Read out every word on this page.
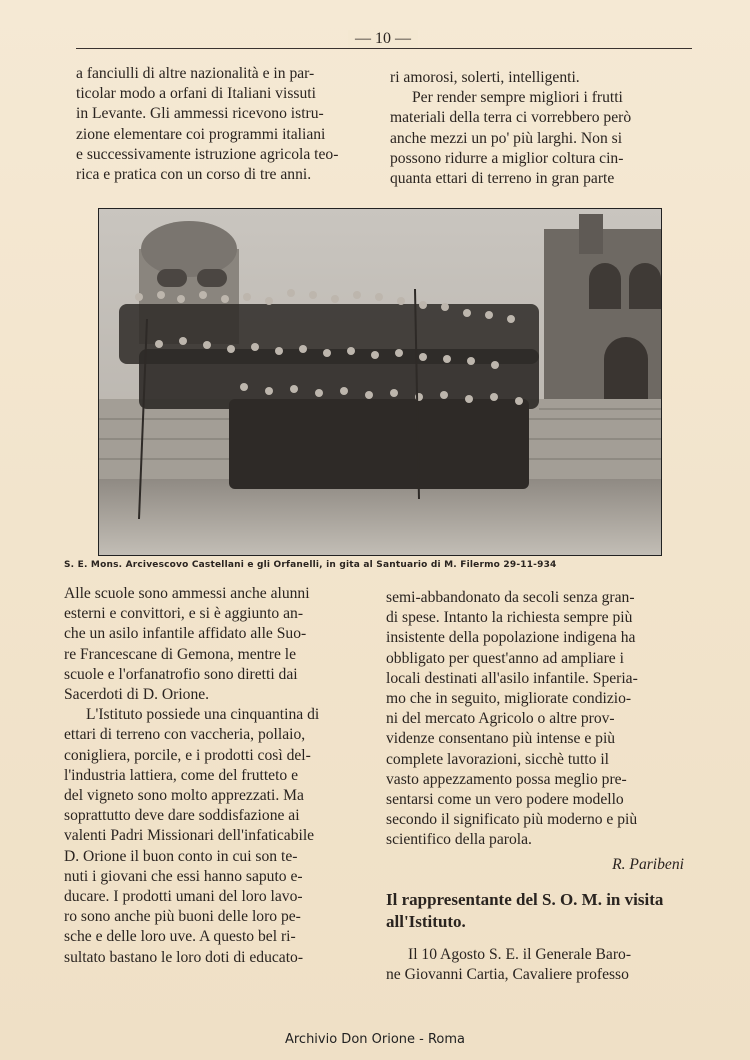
— 10 —

a fanciulli di altre nazionalità e in par-
ticolar modo a orfani di Italiani vissuti
in Levante. Gli ammessi ricevono istru-
zione elementare coi programmi italiani
e successivamente istruzione agricola teo-
rica e pratica con un corso di tre anni.

ri amorosi, solerti, intelligenti.

Per render sempre migliori i frutti
materiali della terra ci vorrebbero però
anche mezzi un po' più larghi. Non si
possono ridurre a miglior coltura cin-
quanta ettari di terreno in gran parte

S. E. Mons. Arcivescovo Castellani e gli Orfanelli, in gita al Santuario di M. Filermo 29-11-934

Alle scuole sono ammessi anche alunni
esterni e convittori, e si è aggiunto an-
che un asilo infantile affidato alle Suo-
re Francescane di Gemona, mentre le
scuole e l'orfanatrofio sono diretti dai
Sacerdoti di D. Orione.

L'Istituto possiede una cinquantina di
ettari di terreno con vaccheria, pollaio,
conigliera, porcile, e i prodotti così del-
l'industria lattiera, come del frutteto e
del vigneto sono molto apprezzati. Ma
soprattutto deve dare soddisfazione ai
valenti Padri Missionari dell'infaticabile
D. Orione il buon conto in cui son te-
nuti i giovani che essi hanno saputo e-
ducare. I prodotti umani del loro lavo-
ro sono anche più buoni delle loro pe-
sche e delle loro uve. A questo bel ri-
sultato bastano le loro doti di educato-

semi-abbandonato da secoli senza gran-
di spese. Intanto la richiesta sempre più
insistente della popolazione indigena ha
obbligato per quest'anno ad ampliare i
locali destinati all'asilo infantile. Speria-
mo che in seguito, migliorate condizio-
ni del mercato Agricolo o altre prov-
videnze consentano più intense e più
complete lavorazioni, sicchè tutto il
vasto appezzamento possa meglio pre-
sentarsi come un vero podere modello
secondo il significato più moderno e più
scientifico della parola.

R. Paribeni

Il rappresentante del S. O. M. in visita
all'Istituto.

Il 10 Agosto S. E. il Generale Baro-
ne Giovanni Cartia, Cavaliere professo

Archivio Don Orione - Roma
